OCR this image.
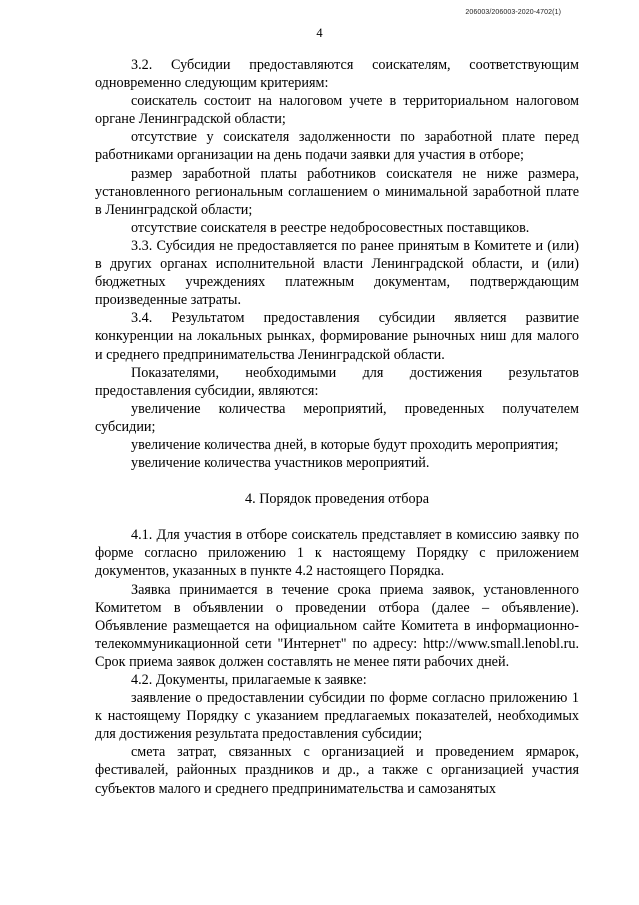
206003/206003-2020-4702(1)
4

3.2. Субсидии предоставляются соискателям, соответствующим одновременно следующим критериям:

соискатель состоит на налоговом учете в территориальном налоговом органе Ленинградской области;

отсутствие у соискателя задолженности по заработной плате перед работниками организации на день подачи заявки для участия в отборе;

размер заработной платы работников соискателя не ниже размера, установленного региональным соглашением о минимальной заработной плате в Ленинградской области;

отсутствие соискателя в реестре недобросовестных поставщиков.

3.3. Субсидия не предоставляется по ранее принятым в Комитете и (или) в других органах исполнительной власти Ленинградской области, и (или) бюджетных учреждениях платежным документам, подтверждающим произведенные затраты.

3.4. Результатом предоставления субсидии является развитие конкуренции на локальных рынках, формирование рыночных ниш для малого и среднего предпринимательства Ленинградской области.

Показателями, необходимыми для достижения результатов предоставления субсидии, являются:

увеличение количества мероприятий, проведенных получателем субсидии;

увеличение количества дней, в которые будут проходить мероприятия;

увеличение количества участников мероприятий.

4. Порядок проведения отбора

4.1. Для участия в отборе соискатель представляет в комиссию заявку по форме согласно приложению 1 к настоящему Порядку с приложением документов, указанных в пункте 4.2 настоящего Порядка.

Заявка принимается в течение срока приема заявок, установленного Комитетом в объявлении о проведении отбора (далее – объявление). Объявление размещается на официальном сайте Комитета в информационно-телекоммуникационной сети "Интернет" по адресу: http://www.small.lenobl.ru. Срок приема заявок должен составлять не менее пяти рабочих дней.

4.2. Документы, прилагаемые к заявке:

заявление о предоставлении субсидии по форме согласно приложению 1 к настоящему Порядку с указанием предлагаемых показателей, необходимых для достижения результата предоставления субсидии;

смета затрат, связанных с организацией и проведением ярмарок, фестивалей, районных праздников и др., а также с организацией участия субъектов малого и среднего предпринимательства и самозанятых
